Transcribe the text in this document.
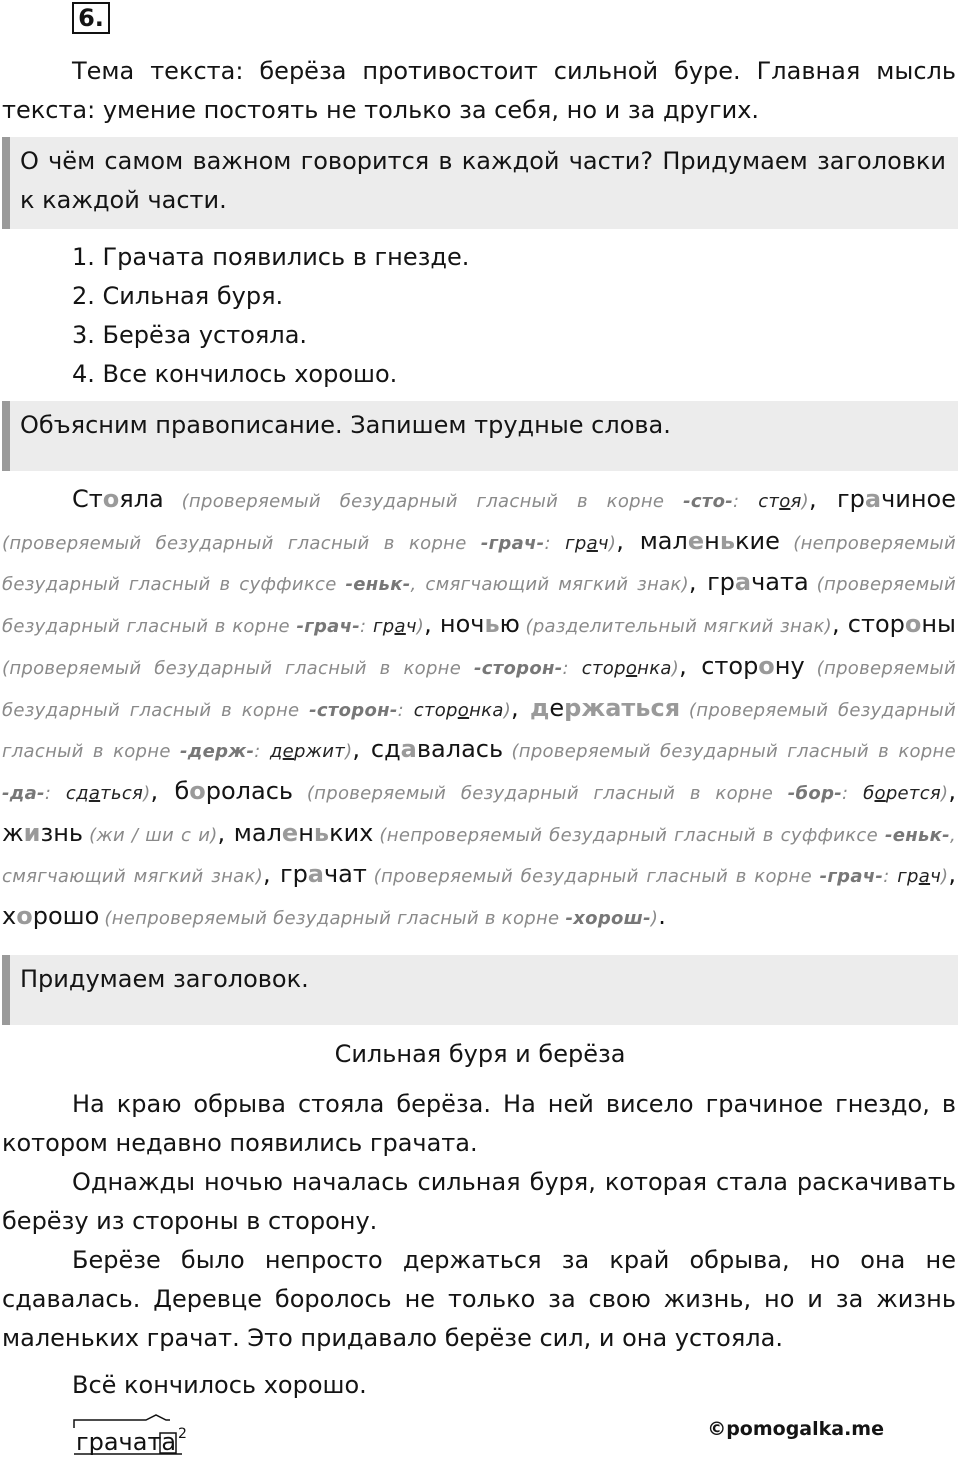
6.

Тема текста: берёза противостоит сильной буре. Главная мысль текста: умение постоять не только за себя, но и за других.

О чём самом важном говорится в каждой части? Придумаем заголовки к каждой части.
1. Грачата появились в гнезде.
2. Сильная буря.
3. Берёза устояла.
4. Все кончилось хорошо.
Объясним правописание. Запишем трудные слова.

Стояла (проверяемый безударный гласный в корне -сто-: стоя), грачиное (проверяемый безударный гласный в корне -грач-: грач), маленькие (непроверяемый безударный гласный в суффиксе -еньк-, смягчающий мягкий знак), грачата (проверяемый безударный гласный в корне -грач-: грач), ночью (разделительный мягкий знак), стороны (проверяемый безударный гласный в корне -сторон-: сторонка), сторону (проверяемый безударный гласный в корне -сторон-: сторонка), держаться (проверяемый безударный гласный в корне -держ-: держит), сдавалась (проверяемый безударный гласный в корне -да-: сдаться), боролась (проверяемый безударный гласный в корне -бор-: борется), жизнь (жи / ши с и), маленьких (непроверяемый безударный гласный в суффиксе -еньк-, смягчающий мягкий знак), грачат (проверяемый безударный гласный в корне -грач-: грач), хорошо (непроверяемый безударный гласный в корне -хорош-).

Придумаем заголовок.
Сильная буря и берёза

На краю обрыва стояла берёза. На ней висело грачиное гнездо, в котором недавно появились грачата.

Однажды ночью началась сильная буря, которая стала раскачивать берёзу из стороны в сторону.

Берёзе было непросто держаться за край обрыва, но она не сдавалась. Деревце боролось не только за свою жизнь, но и за жизнь маленьких грачат. Это придавало берёзе сил, и она устояла.

Всё кончилось хорошо.

2
грачата	©pomogalka.me
